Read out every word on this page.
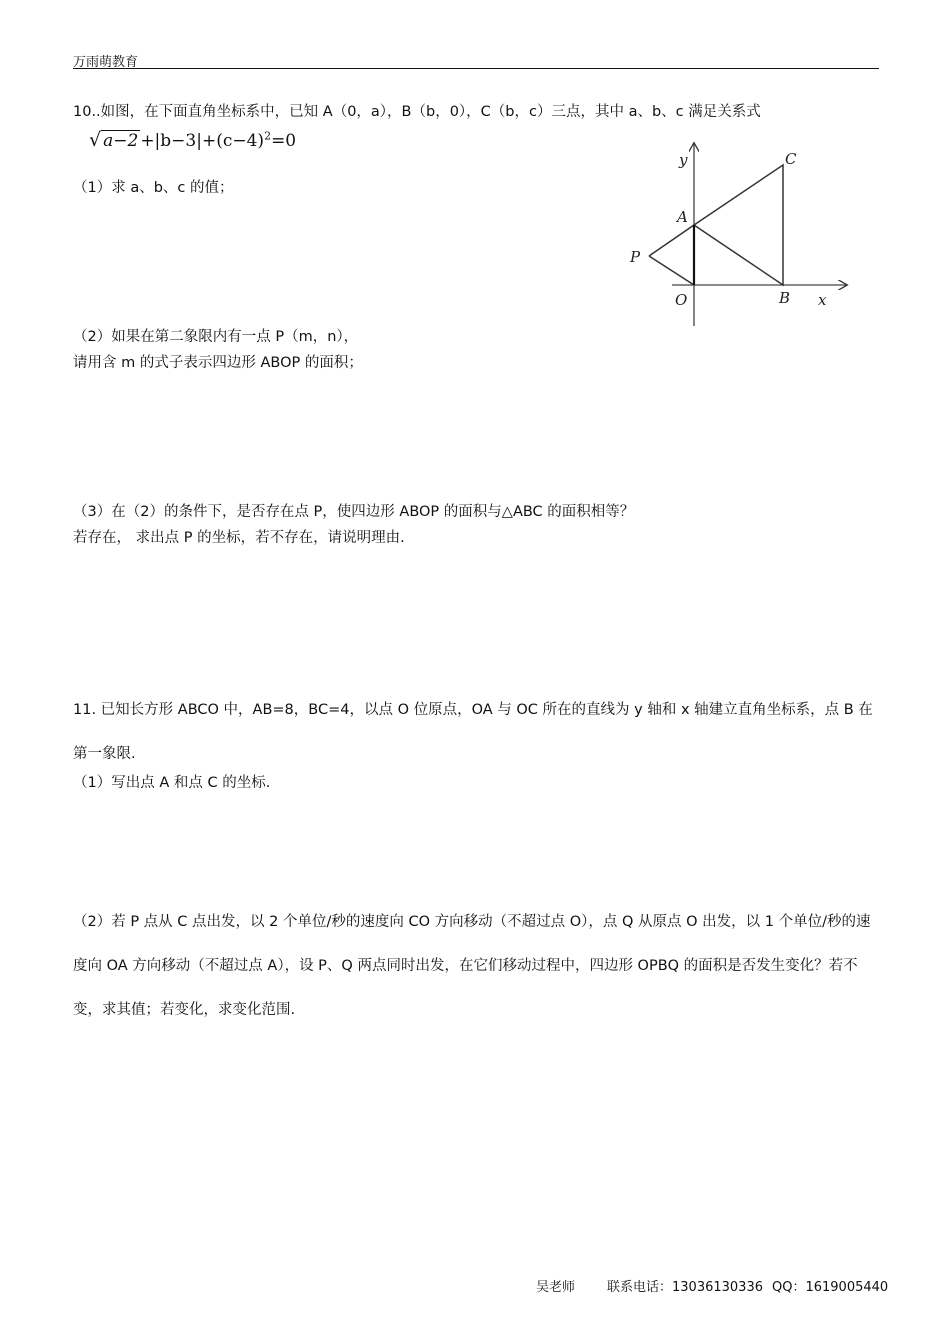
万雨萌教育
10..如图，在下面直角坐标系中，已知 A（0，a），B（b，0），C（b，c）三点，其中 a、b、c 满足关系式
√ $a-2 +|b-3|+(c-4)^2=0$
（1）求 a、b、c 的值；
（2）如果在第二象限内有一点 P（m，n），
请用含 m 的式子表示四边形 ABOP 的面积；
（3）在（2）的条件下，是否存在点 P，使四边形 ABOP 的面积与△ABC 的面积相等？
若存在， 求出点 P 的坐标，若不存在，请说明理由.
y
x
C
A
P
O	B
11. 已知长方形 ABCO 中，AB=8，BC=4，以点 O 位原点，OA 与 OC 所在的直线为 y 轴和 x 轴建立直角坐标系，点 B 在第一象限.
（1）写出点 A 和点 C 的坐标.
（2）若 P 点从 C 点出发，以 2 个单位/秒的速度向 CO 方向移动（不超过点 O），点 Q 从原点 O 出发，以 1 个单位/秒的速度向 OA 方向移动（不超过点 A），设 P、Q 两点同时出发，在它们移动过程中，四边形 OPBQ 的面积是否发生变化？若不变，求其值；若变化，求变化范围.
吴老师 联系电话：13036130336 QQ：1619005440
